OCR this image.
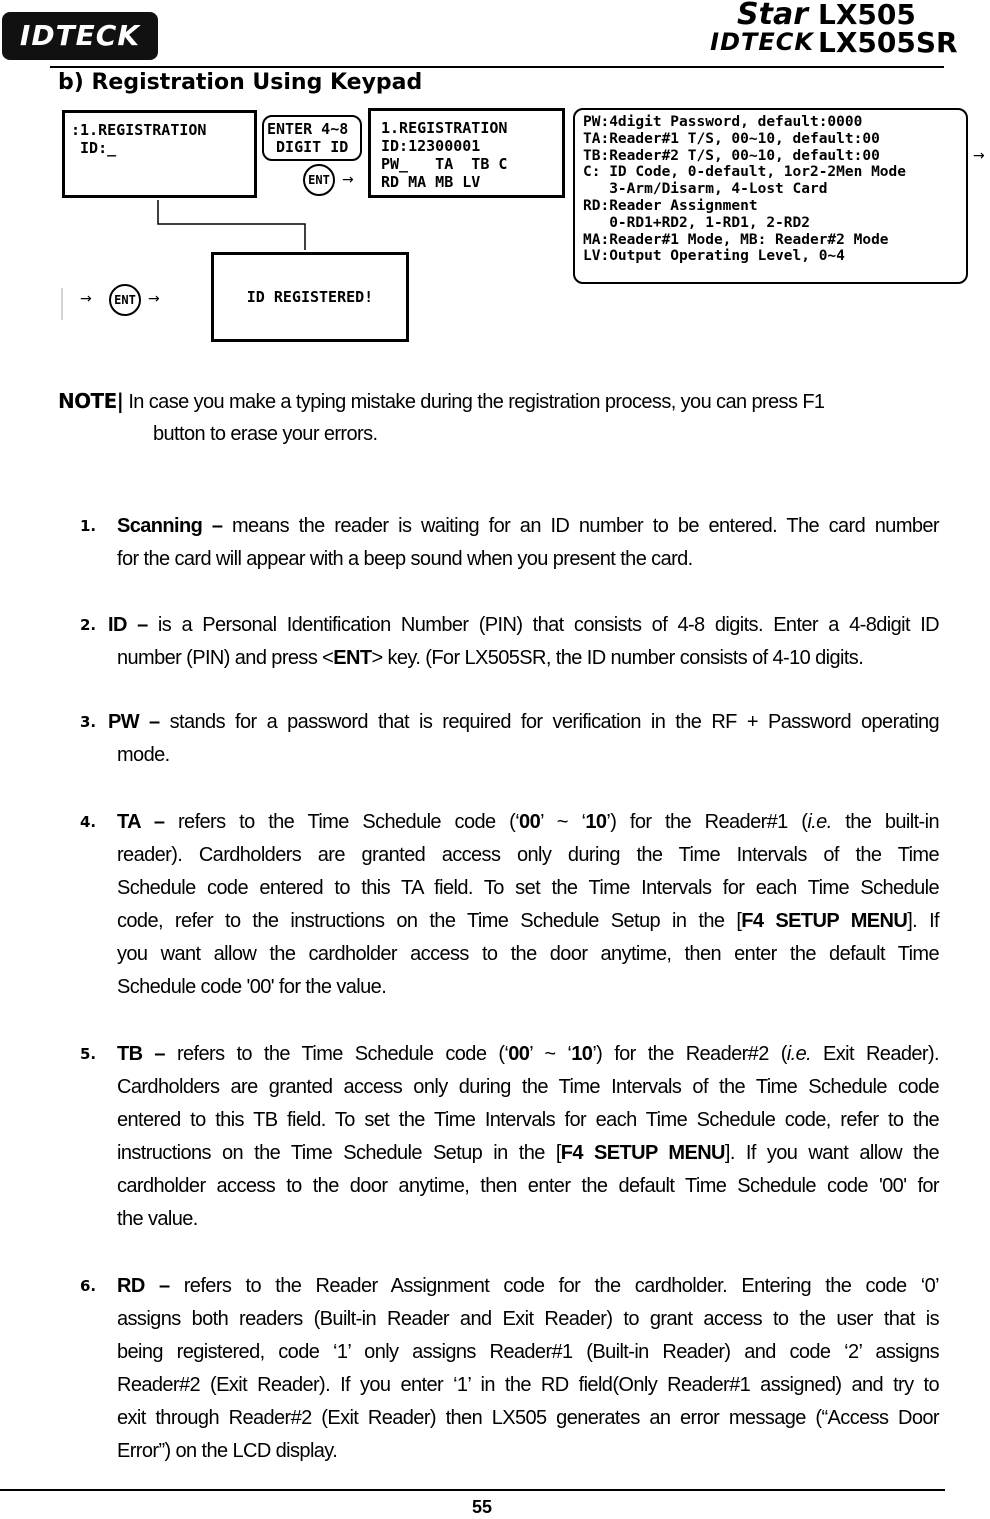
IDTECK
Star
IDTECK
LX505
LX505SR
b) Registration Using Keypad
:1.REGISTRATION
ID:_
ENTER 4~8
DIGIT ID
ENT →
1.REGISTRATION
ID:12300001
PW_   TA  TB C
RD MA MB LV
PW:4digit Password, default:0000
TA:Reader#1 T/S, 00~10, default:00
TB:Reader#2 T/S, 00~10, default:00
C: ID Code, 0-default, 1or2-2Men Mode
3-Arm/Disarm, 4-Lost Card
RD:Reader Assignment
0-RD1+RD2, 1-RD1, 2-RD2
MA:Reader#1 Mode, MB: Reader#2 Mode
LV:Output Operating Level, 0~4
→
→	ENT →	ID REGISTERED!
NOTE| In case you make a typing mistake during the registration process, you can press F1
button to erase your errors.
1. Scanning – means the reader is waiting for an ID number to be entered. The card number
for the card will appear with a beep sound when you present the card.
2. ID – is a Personal Identification Number (PIN) that consists of 4-8 digits. Enter a 4-8digit ID
number (PIN) and press <ENT> key. (For LX505SR, the ID number consists of 4-10 digits.
3. PW – stands for a password that is required for verification in the RF + Password operating
mode.
4. TA – refers to the Time Schedule code (‘00’ ~ ‘10’) for the Reader#1 (i.e. the built-in
reader). Cardholders are granted access only during the Time Intervals of the Time
Schedule code entered to this TA field. To set the Time Intervals for each Time Schedule
code, refer to the instructions on the Time Schedule Setup in the [F4 SETUP MENU]. If
you want allow the cardholder access to the door anytime, then enter the default Time
Schedule code '00' for the value.
5. TB – refers to the Time Schedule code (‘00’ ~ ‘10’) for the Reader#2 (i.e. Exit Reader).
Cardholders are granted access only during the Time Intervals of the Time Schedule code
entered to this TB field. To set the Time Intervals for each Time Schedule code, refer to the
instructions on the Time Schedule Setup in the [F4 SETUP MENU]. If you want allow the
cardholder access to the door anytime, then enter the default Time Schedule code '00' for
the value.
6. RD – refers to the Reader Assignment code for the cardholder. Entering the code ‘0’
assigns both readers (Built-in Reader and Exit Reader) to grant access to the user that is
being registered, code ‘1’ only assigns Reader#1 (Built-in Reader) and code ‘2’ assigns
Reader#2 (Exit Reader). If you enter ‘1’ in the RD field(Only Reader#1 assigned) and try to
exit through Reader#2 (Exit Reader) then LX505 generates an error message (“Access Door
Error”) on the LCD display.
55
